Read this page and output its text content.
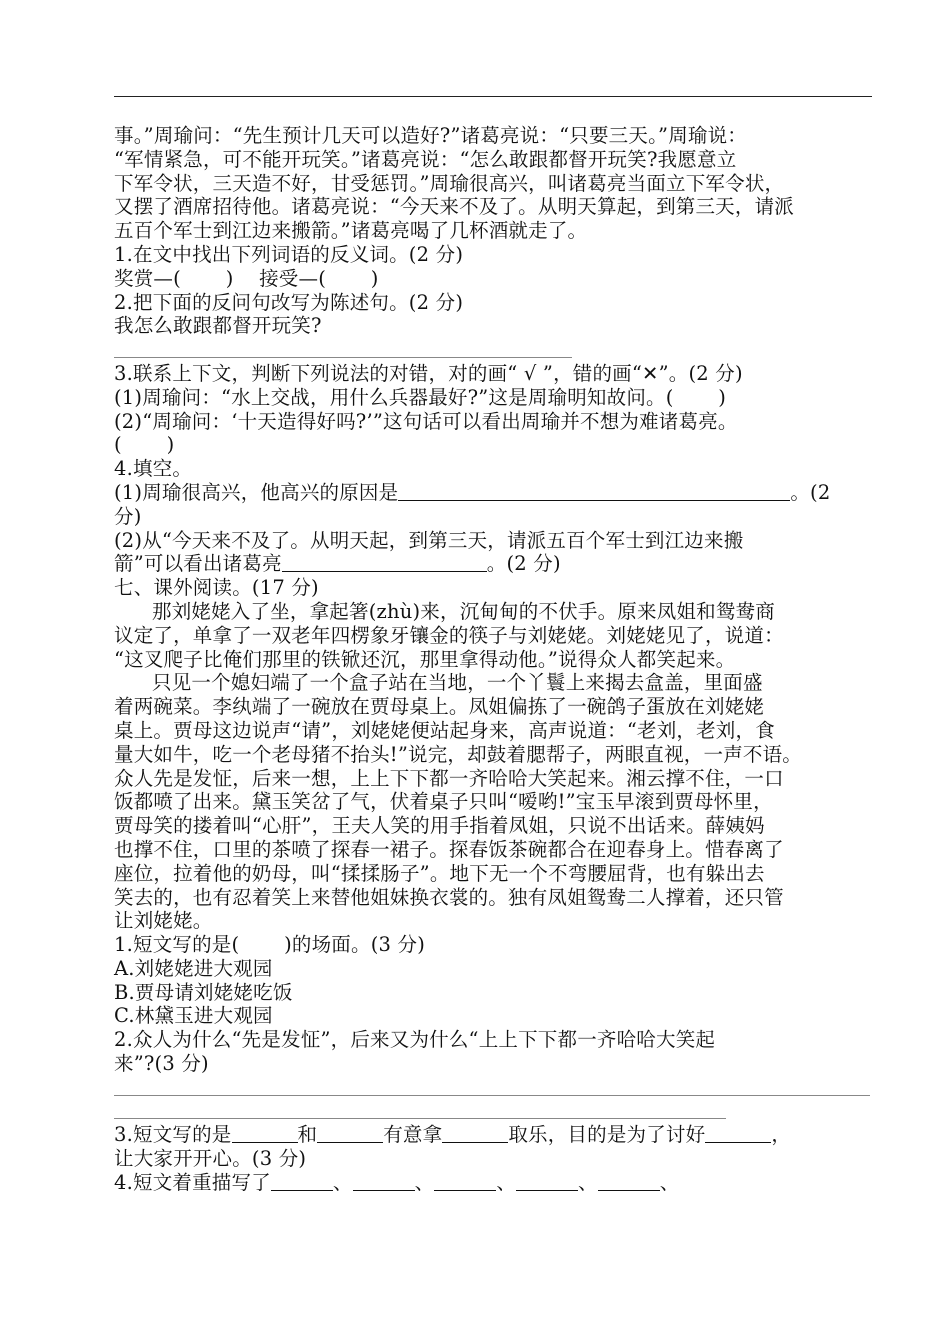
事。”周瑜问：“先生预计几天可以造好?”诸葛亮说：“只要三天。”周瑜说：
“军情紧急，可不能开玩笑。”诸葛亮说：“怎么敢跟都督开玩笑?我愿意立
下军令状，三天造不好，甘受惩罚。”周瑜很高兴，叫诸葛亮当面立下军令状，
又摆了酒席招待他。诸葛亮说：“今天来不及了。从明天算起，到第三天，请派
五百个军士到江边来搬箭。”诸葛亮喝了几杯酒就走了。
1.在文中找出下列词语的反义词。(2 分)
奖赏—(       )    接受—(       )
2.把下面的反问句改写为陈述句。(2 分)
我怎么敢跟都督开玩笑?
3.联系上下文，判断下列说法的对错，对的画“ √ ”，错的画“✕”。(2 分)
(1)周瑜问：“水上交战，用什么兵器最好?”这是周瑜明知故问。(       )
(2)“周瑜问：‘十天造得好吗?’”这句话可以看出周瑜并不想为难诸葛亮。
(       )
4.填空。
(1)周瑜很高兴，他高兴的原因是	。(2
分)
(2)从“今天来不及了。从明天起，到第三天，请派五百个军士到江边来搬
箭”可以看出诸葛亮	。(2 分)
七、课外阅读。(17 分)
那刘姥姥入了坐，拿起箸(zhù)来，沉甸甸的不伏手。原来凤姐和鸳鸯商
议定了，单拿了一双老年四楞象牙镶金的筷子与刘姥姥。刘姥姥见了，说道：
“这叉爬子比俺们那里的铁锨还沉，那里拿得动他。”说得众人都笑起来。
只见一个媳妇端了一个盒子站在当地，一个丫鬟上来揭去盒盖，里面盛
着两碗菜。李纨端了一碗放在贾母桌上。凤姐偏拣了一碗鸽子蛋放在刘姥姥
桌上。贾母这边说声“请”，刘姥姥便站起身来，高声说道：“老刘，老刘，食
量大如牛，吃一个老母猪不抬头!”说完，却鼓着腮帮子，两眼直视，一声不语。
众人先是发怔，后来一想，上上下下都一齐哈哈大笑起来。湘云撑不住，一口
饭都喷了出来。黛玉笑岔了气，伏着桌子只叫“嗳哟!”宝玉早滚到贾母怀里，
贾母笑的搂着叫“心肝”，王夫人笑的用手指着凤姐，只说不出话来。薛姨妈
也撑不住，口里的茶喷了探春一裙子。探春饭茶碗都合在迎春身上。惜春离了
座位，拉着他的奶母，叫“揉揉肠子”。地下无一个不弯腰屈背，也有躲出去
笑去的，也有忍着笑上来替他姐妹换衣裳的。独有凤姐鸳鸯二人撑着，还只管
让刘姥姥。
1.短文写的是(       )的场面。(3 分)
A.刘姥姥进大观园
B.贾母请刘姥姥吃饭
C.林黛玉进大观园
2.众人为什么“先是发怔”，后来又为什么“上上下下都一齐哈哈大笑起
来”?(3 分)
3.短文写的是	和	有意拿	取乐，目的是为了讨好	，
让大家开开心。(3 分)
4.短文着重描写了	、	、	、	、	、
